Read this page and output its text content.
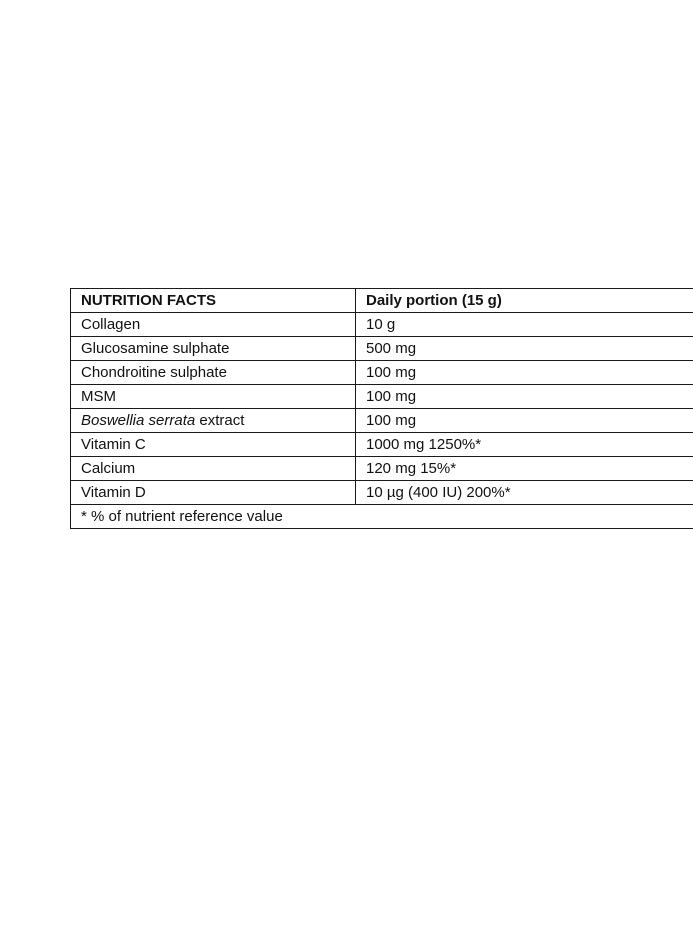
NUTRITION FACTS	Daily portion (15 g)
Collagen	10 g
Glucosamine sulphate	500 mg
Chondroitine sulphate	100 mg
MSM	100 mg
Boswellia serrata extract	100 mg
Vitamin C	1000 mg 1250%*
Calcium	120 mg 15%*
Vitamin D	10 µg (400 IU) 200%*
* % of nutrient reference value	
